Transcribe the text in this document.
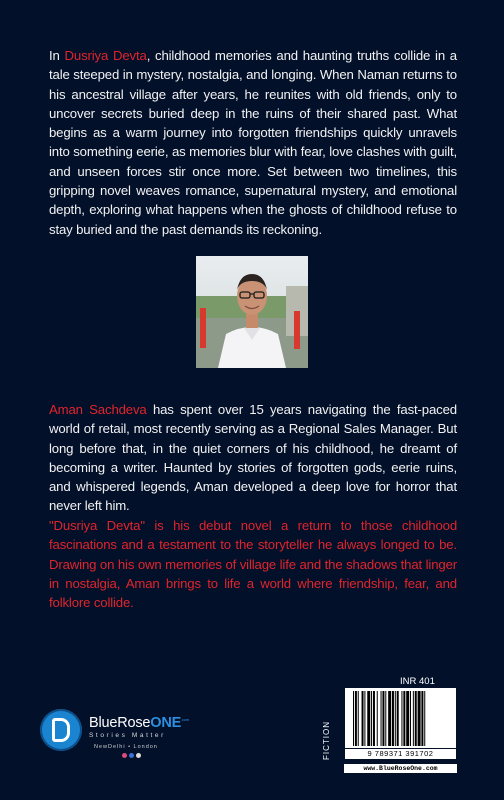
In Dusriya Devta, childhood memories and haunting truths collide in a tale steeped in mystery, nostalgia, and longing. When Naman returns to his ancestral village after years, he reunites with old friends, only to uncover secrets buried deep in the ruins of their shared past. What begins as a warm journey into forgotten friendships quickly unravels into something eerie, as memories blur with fear, love clashes with guilt, and unseen forces stir once more. Set between two timelines, this gripping novel weaves romance, supernatural mystery, and emotional depth, exploring what happens when the ghosts of childhood refuse to stay buried and the past demands its reckoning.

Aman Sachdeva has spent over 15 years navigating the fast-paced world of retail, most recently serving as a Regional Sales Manager. But long before that, in the quiet corners of his childhood, he dreamt of becoming a writer. Haunted by stories of forgotten gods, eerie ruins, and whispered legends, Aman developed a deep love for horror that never left him.

"Dusriya Devta" is his debut novel a return to those childhood fascinations and a testament to the storyteller he always longed to be. Drawing on his own memories of village life and the shadows that linger in nostalgia, Aman brings to life a world where friendship, fear, and folklore collide.

BlueRoseONE$^{.com}$
Stories Matter
NewDelhi • London
INR 401
FICTION	9 789371 391702
www.BlueRoseOne.com
